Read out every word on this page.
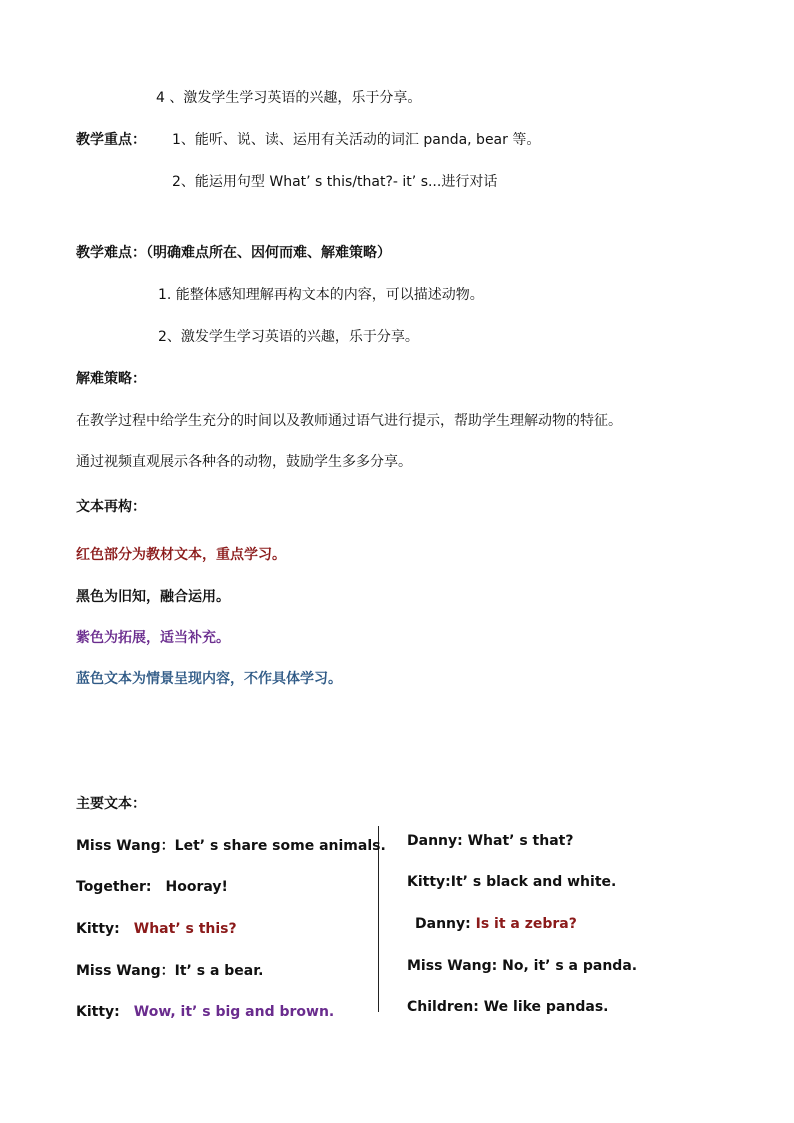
4 、激发学生学习英语的兴趣，乐于分享。
教学重点： 1、能听、说、读、运用有关活动的词汇 panda, bear 等。
2、能运用句型 What’ s this/that?- it’ s...进行对话
教学难点：（明确难点所在、因何而难、解难策略）
1. 能整体感知理解再构文本的内容，可以描述动物。
2、激发学生学习英语的兴趣，乐于分享。
解难策略：
在教学过程中给学生充分的时间以及教师通过语气进行提示，帮助学生理解动物的特征。
通过视频直观展示各种各的动物，鼓励学生多多分享。
文本再构：
红色部分为教材文本，重点学习。
黑色为旧知，融合运用。
紫色为拓展，适当补充。
蓝色文本为情景呈现内容，不作具体学习。
主要文本：
Miss Wang：Let’ s share some animals.
Together: Hooray!
Kitty: What’ s this?
Miss Wang：It’ s a bear.
Kitty: Wow, it’ s big and brown.
Danny: What’ s that?
Kitty:It’ s black and white.
Danny: Is it a zebra?
Miss Wang: No, it’ s a panda.
Children: We like pandas.
